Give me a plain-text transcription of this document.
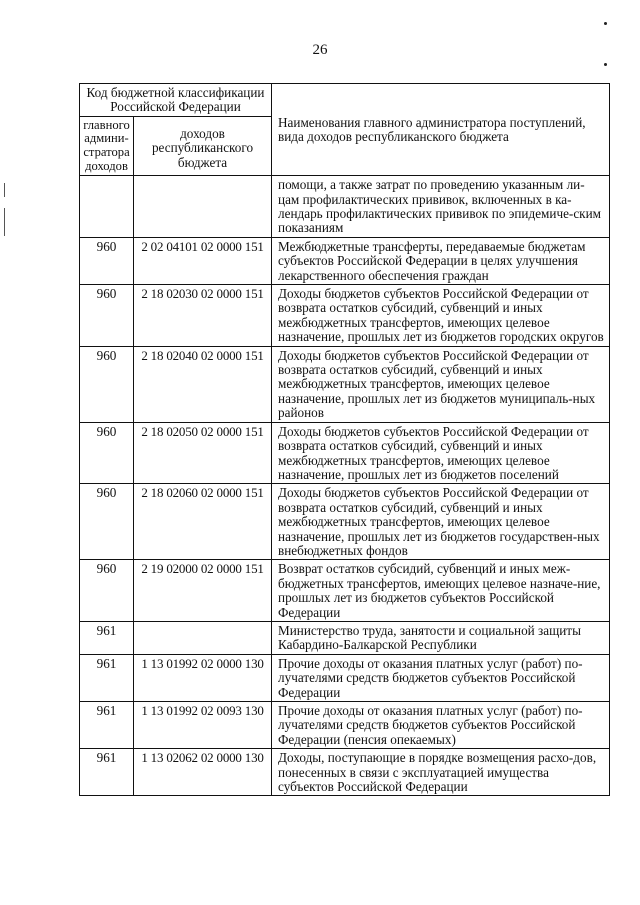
26
Код бюджетной классификации Российской Федерации		Наименования главного администратора поступлений, вида доходов республиканского бюджета
главного админи-стратора доходов	доходов республиканского бюджета	
		помощи, а также затрат по проведению указанным ли-цам профилактических прививок, включенных в ка-лендарь профилактических прививок по эпидемиче-ским показаниям
960	2 02 04101 02 0000 151	Межбюджетные трансферты, передаваемые бюджетам субъектов Российской Федерации в целях улучшения лекарственного обеспечения граждан
960	2 18 02030 02 0000 151	Доходы бюджетов субъектов Российской Федерации от возврата остатков субсидий, субвенций и иных межбюджетных трансфертов, имеющих целевое назначение, прошлых лет из бюджетов городских округов
960	2 18 02040 02 0000 151	Доходы бюджетов субъектов Российской Федерации от возврата остатков субсидий, субвенций и иных межбюджетных трансфертов, имеющих целевое назначение, прошлых лет из бюджетов муниципаль-ных районов
960	2 18 02050 02 0000 151	Доходы бюджетов субъектов Российской Федерации от возврата остатков субсидий, субвенций и иных межбюджетных трансфертов, имеющих целевое назначение, прошлых лет из бюджетов поселений
960	2 18 02060 02 0000 151	Доходы бюджетов субъектов Российской Федерации от возврата остатков субсидий, субвенций и иных межбюджетных трансфертов, имеющих целевое назначение, прошлых лет из бюджетов государствен-ных внебюджетных фондов
960	2 19 02000 02 0000 151	Возврат остатков субсидий, субвенций и иных меж-бюджетных трансфертов, имеющих целевое назначе-ние, прошлых лет из бюджетов субъектов Российской Федерации
961		Министерство труда, занятости и социальной защиты Кабардино-Балкарской Республики
961	1 13 01992 02 0000 130	Прочие доходы от оказания платных услуг (работ) по-лучателями средств бюджетов субъектов Российской Федерации
961	1 13 01992 02 0093 130	Прочие доходы от оказания платных услуг (работ) по-лучателями средств бюджетов субъектов Российской Федерации (пенсия опекаемых)
961	1 13 02062 02 0000 130	Доходы, поступающие в порядке возмещения расхо-дов, понесенных в связи с эксплуатацией имущества субъектов Российской Федерации
